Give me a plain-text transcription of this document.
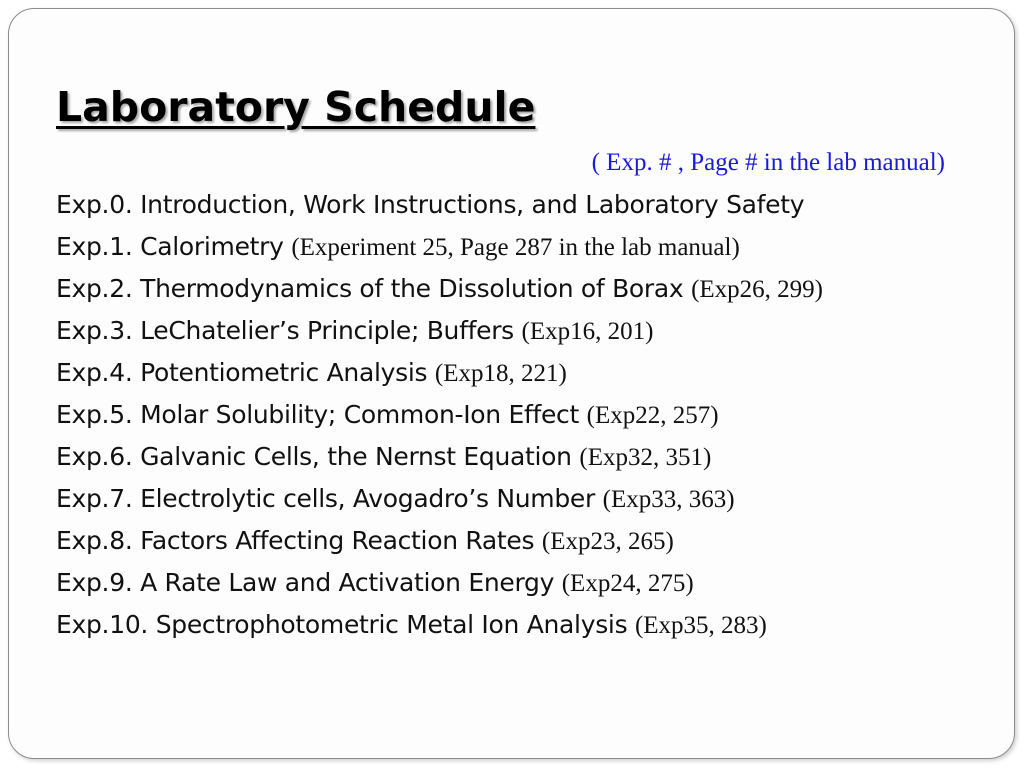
Laboratory Schedule

( Exp. # , Page # in the lab manual)

Exp.0. Introduction, Work Instructions, and Laboratory Safety
Exp.1. Calorimetry (Experiment 25, Page 287 in the lab manual)
Exp.2. Thermodynamics of the Dissolution of Borax (Exp26, 299)
Exp.3. LeChatelier’s Principle; Buffers (Exp16, 201)
Exp.4. Potentiometric Analysis (Exp18, 221)
Exp.5. Molar Solubility; Common-Ion Effect (Exp22, 257)
Exp.6. Galvanic Cells, the Nernst Equation (Exp32, 351)
Exp.7. Electrolytic cells, Avogadro’s Number (Exp33, 363)
Exp.8. Factors Affecting Reaction Rates (Exp23, 265)
Exp.9. A Rate Law and Activation Energy (Exp24, 275)
Exp.10. Spectrophotometric Metal Ion Analysis (Exp35, 283)
